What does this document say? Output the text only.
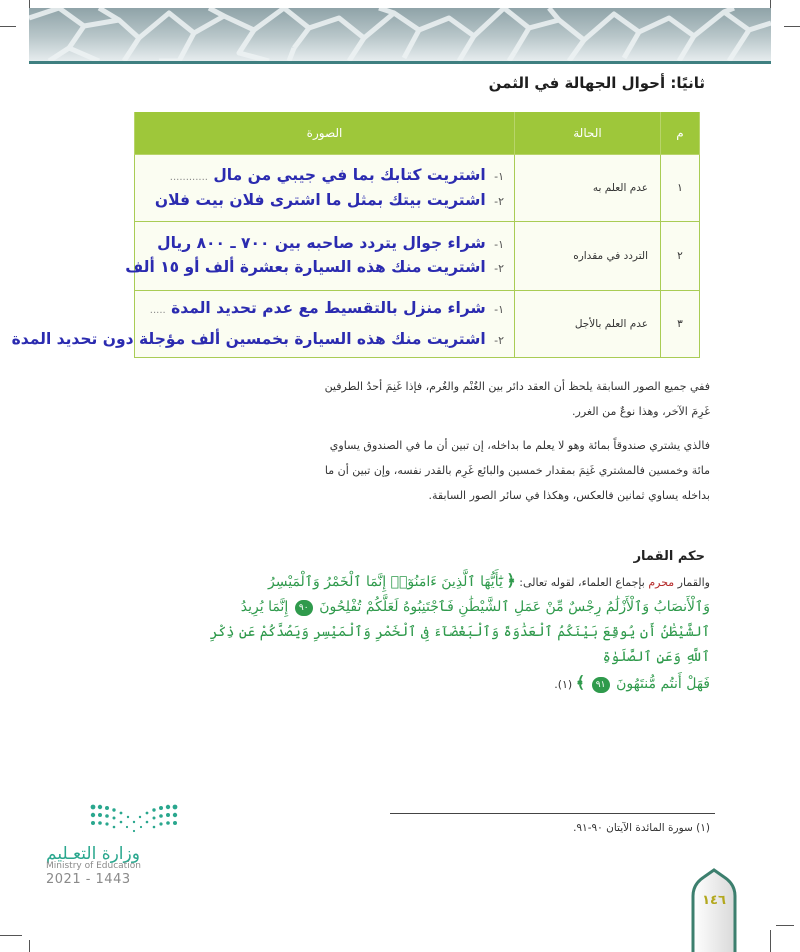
ثانيًا: أحوال الجهالة في الثمن
م	الحالة	الصورة
١	عدم العلم به	١- اشتريت كتابك بما في جيبي من مال ............
٢- اشتريت بيتك بمثل ما اشترى فلان بيت فلان

٢	التردد في مقداره	١- شراء جوال يتردد صاحبه بين ٧٠٠ ـ ٨٠٠ ريال
٢- اشتريت منك هذه السيارة بعشرة ألف أو ١٥ ألف

٣	عدم العلم بالأجل	١- شراء منزل بالتقسيط مع عدم تحديد المدة .....
٢- اشتريت منك هذه السيارة بخمسين ألف مؤجلة دون تحديد المدة
ففي جميع الصور السابقة يلحظ أن العقد دائر بين الغُنْم والغُرم، فإذا غَنِمَ أحدُ الطرفين
غَرِمَ الآخر، وهذا نوعٌ من الغرر.
فالذي يشتري صندوقاً بمائة وهو لا يعلم ما بداخله، إن تبين أن ما في الصندوق يساوي
مائة وخمسين فالمشتري غَنِمَ بمقدار خمسين والبائع غَرِم بالقدر نفسه، وإن تبين أن ما
بداخله يساوي ثمانين فالعكس، وهكذا في سائر الصور السابقة.
حكم القمار
والقمار محرم بإجماع العلماء، لقوله تعالى: ﴿ يَٰٓأَيُّهَا ٱلَّذِينَ ءَامَنُوٓا۟ إِنَّمَا ٱلْخَمْرُ وَٱلْمَيْسِرُ
وَٱلْأَنصَابُ وَٱلْأَزْلَٰمُ رِجْسٌ مِّنْ عَمَلِ ٱلشَّيْطَٰنِ فَٱجْتَنِبُوهُ لَعَلَّكُمْ تُفْلِحُونَ ٩٠ إِنَّمَا يُرِيدُ
ٱلشَّيْطَٰنُ أَن يُوقِعَ بَيْنَكُمُ ٱلْعَدَٰوَةَ وَٱلْبَغْضَآءَ فِى ٱلْخَمْرِ وَٱلْمَيْسِرِ وَيَصُدَّكُمْ عَن ذِكْرِ ٱللَّهِ وَعَنِ ٱلصَّلَوٰةِ
فَهَلْ أَنتُم مُّنتَهُونَ ٩١ ﴾ (١).
(١) سورة المائدة الآيتان ٩٠-٩١.
وزارة التعـليم
Ministry of Education
2021 - 1443
١٤٦
